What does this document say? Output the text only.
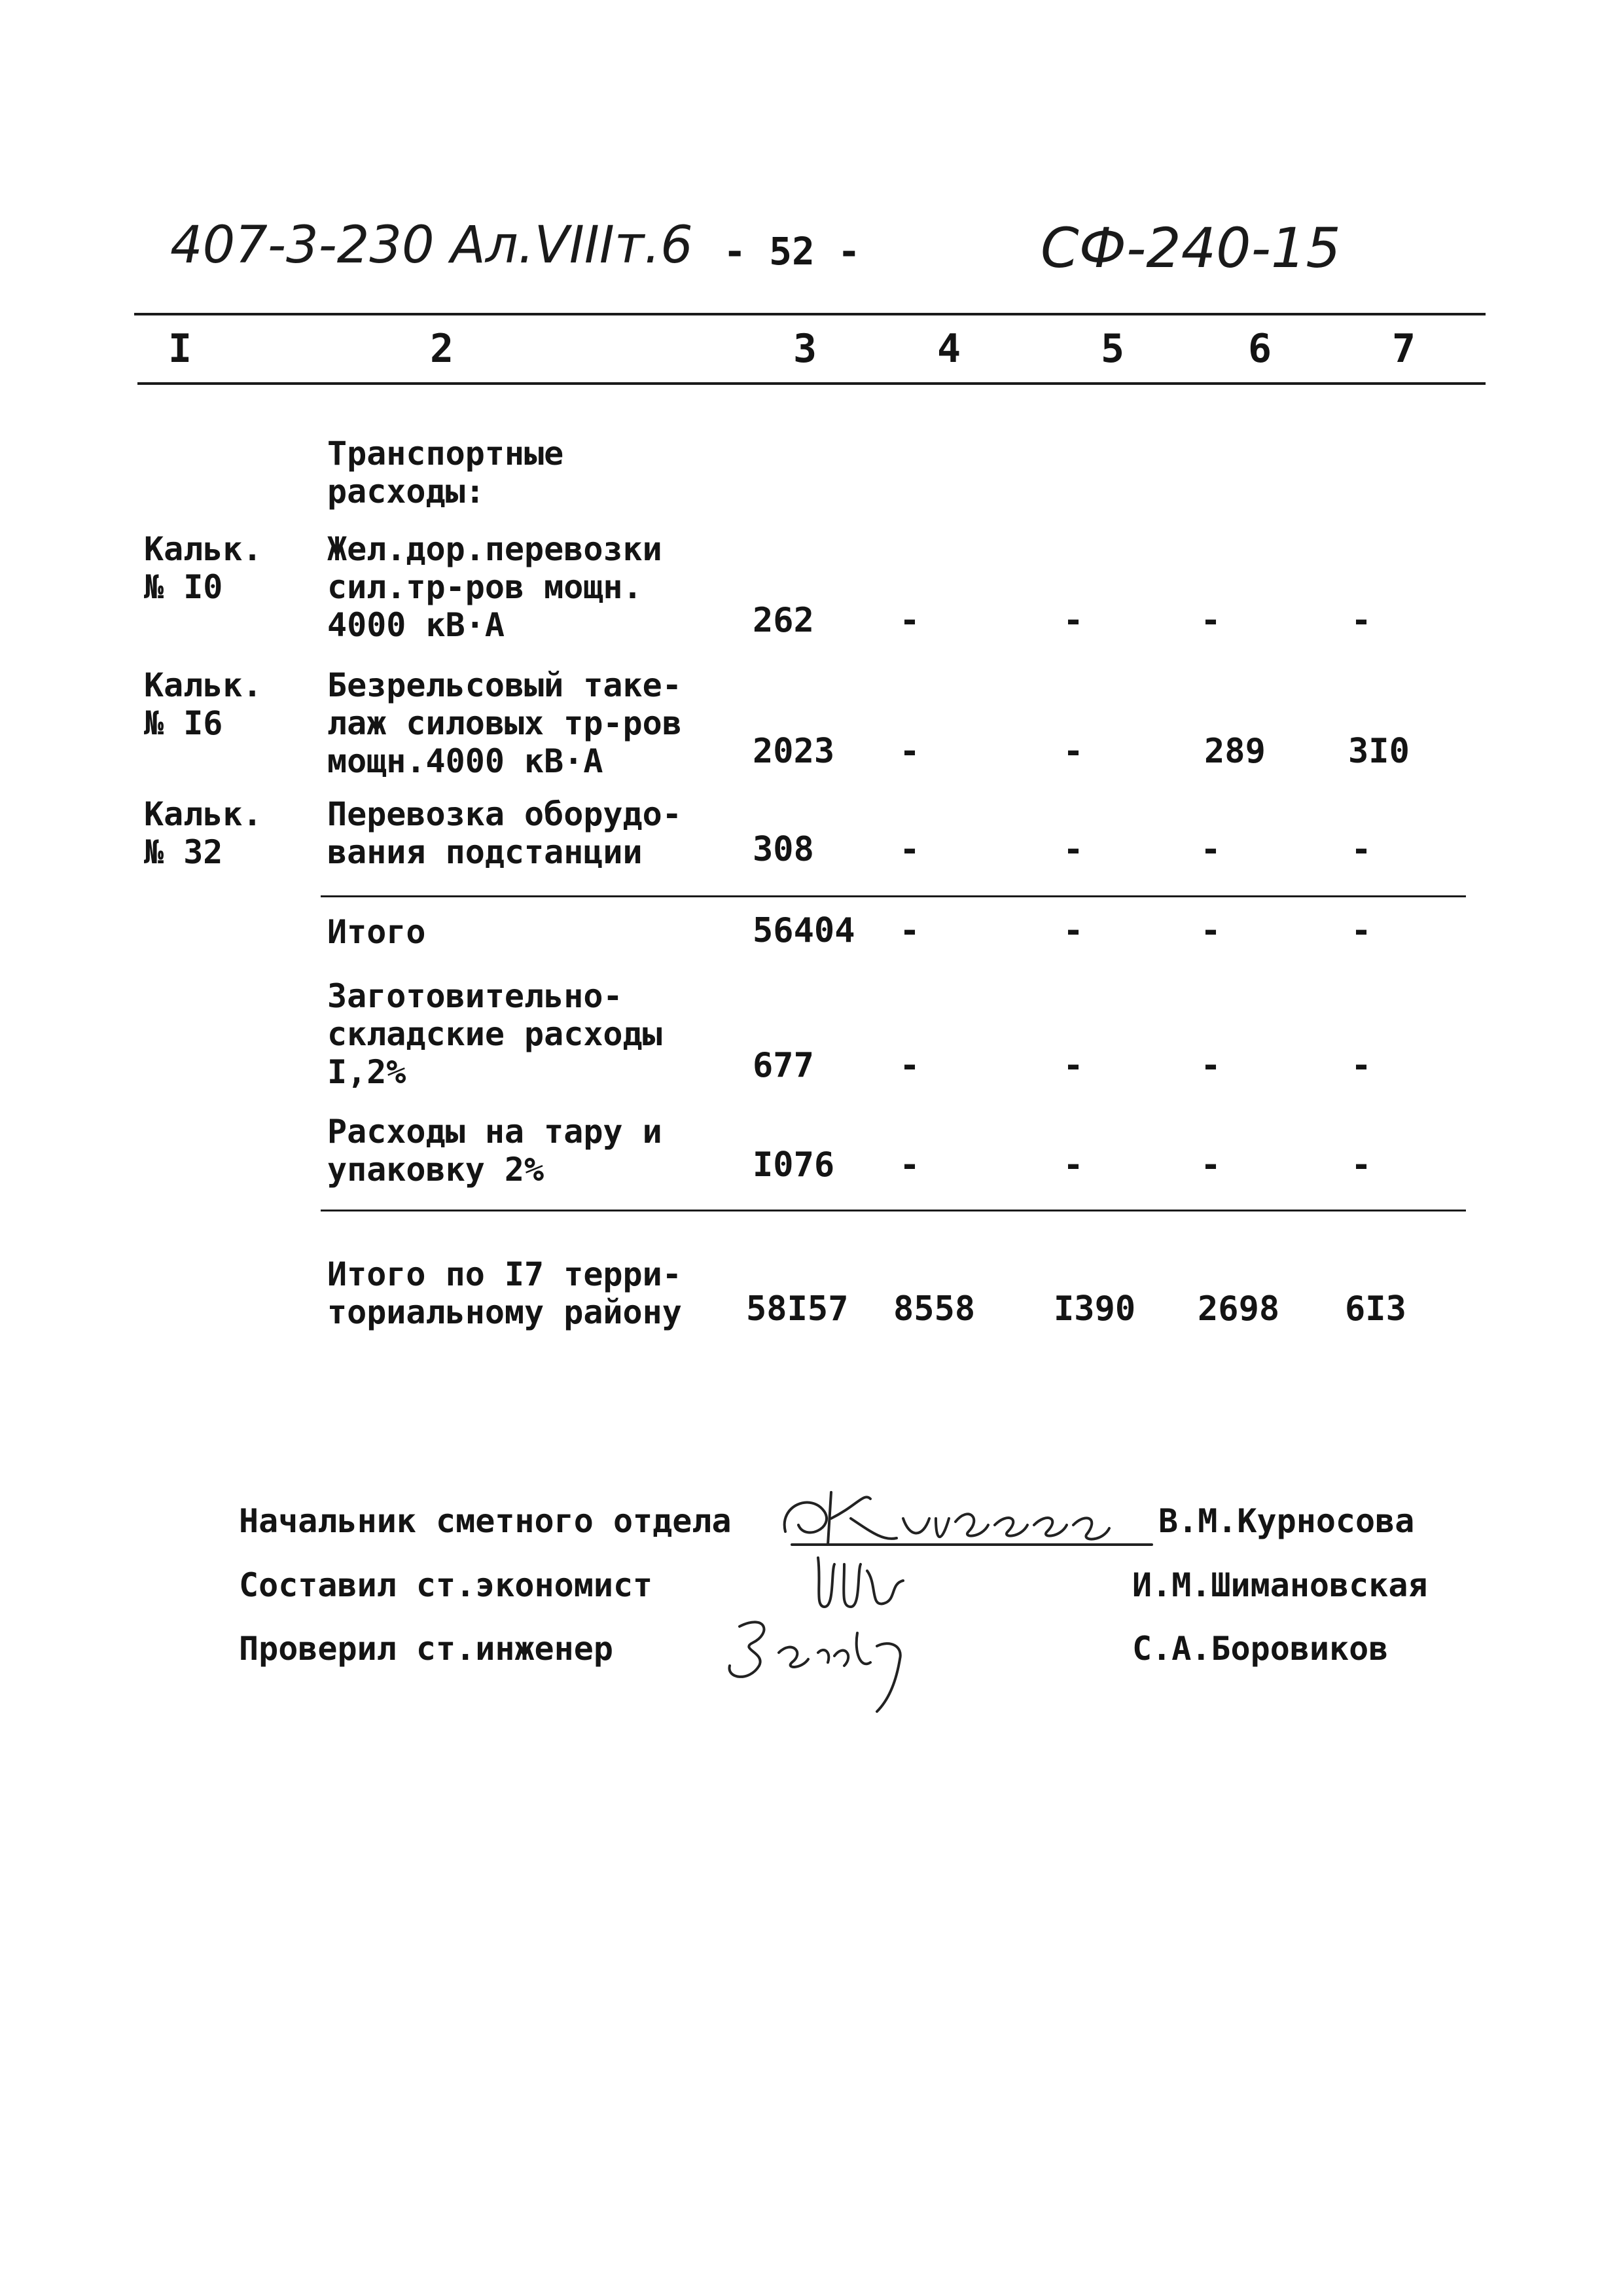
407-3-230 Ал.VIIIт.6 - 52 -	СФ-240-15
I	2	3	4	5	6	7
Транспортные
расходы:
Кальк.
№ I0
Жел.дор.перевозки
сил.тр-ров мощн.
4000 кВ·А	262	-	-	-	-
Кальк.
№ I6
Безрельсовый таке-
лаж силовых тр-ров
мощн.4000 кВ·А	2023 -	-	289 3I0
Кальк.
№ 32
Перевозка оборудо-
вания подстанции	308	-	-	-	-
Итого	56404 -	-	-	-
Заготовительно-
складские расходы
I,2%	677	-	-	-	-
Расходы на тару и
упаковку 2%	I076 -	-	-	-
Итого по I7 терри-
ториальному району 58I57 8558 I390 2698 6I3
Начальник сметного отдела	В.М.Курносова
Составил ст.экономист	И.М.Шимановская
Проверил ст.инженер	С.А.Боровиков
